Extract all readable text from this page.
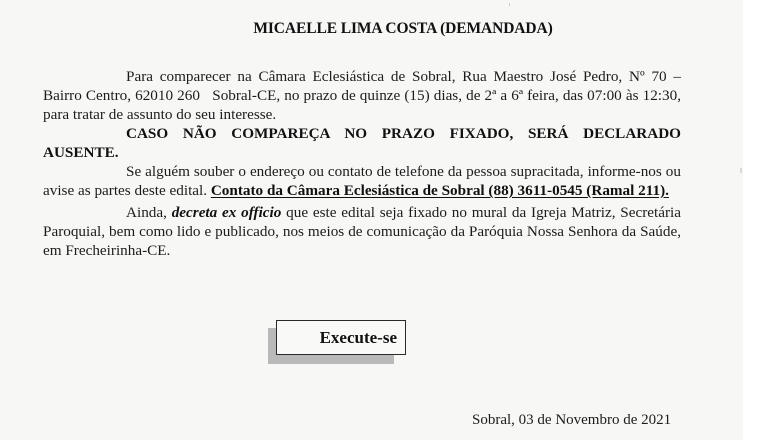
MICAELLE LIMA COSTA (DEMANDADA)

Para comparecer na Câmara Eclesiástica de Sobral, Rua Maestro José Pedro, Nº 70 – Bairro Centro, 62010 260   Sobral-CE, no prazo de quinze (15) dias, de 2ª a 6ª feira, das 07:00 às 12:30, para tratar de assunto do seu interesse.

CASO NÃO COMPAREÇA NO PRAZO FIXADO, SERÁ DECLARADO AUSENTE.

Se alguém souber o endereço ou contato de telefone da pessoa supracitada, informe-nos ou avise as partes deste edital. Contato da Câmara Eclesiástica de Sobral (88) 3611-0545 (Ramal 211).

Ainda, decreta ex officio que este edital seja fixado no mural da Igreja Matriz, Secretária Paroquial, bem como lido e publicado, nos meios de comunicação da Paróquia Nossa Senhora da Saúde, em Frecheirinha-CE.

Execute-se
Sobral, 03 de Novembro de 2021
